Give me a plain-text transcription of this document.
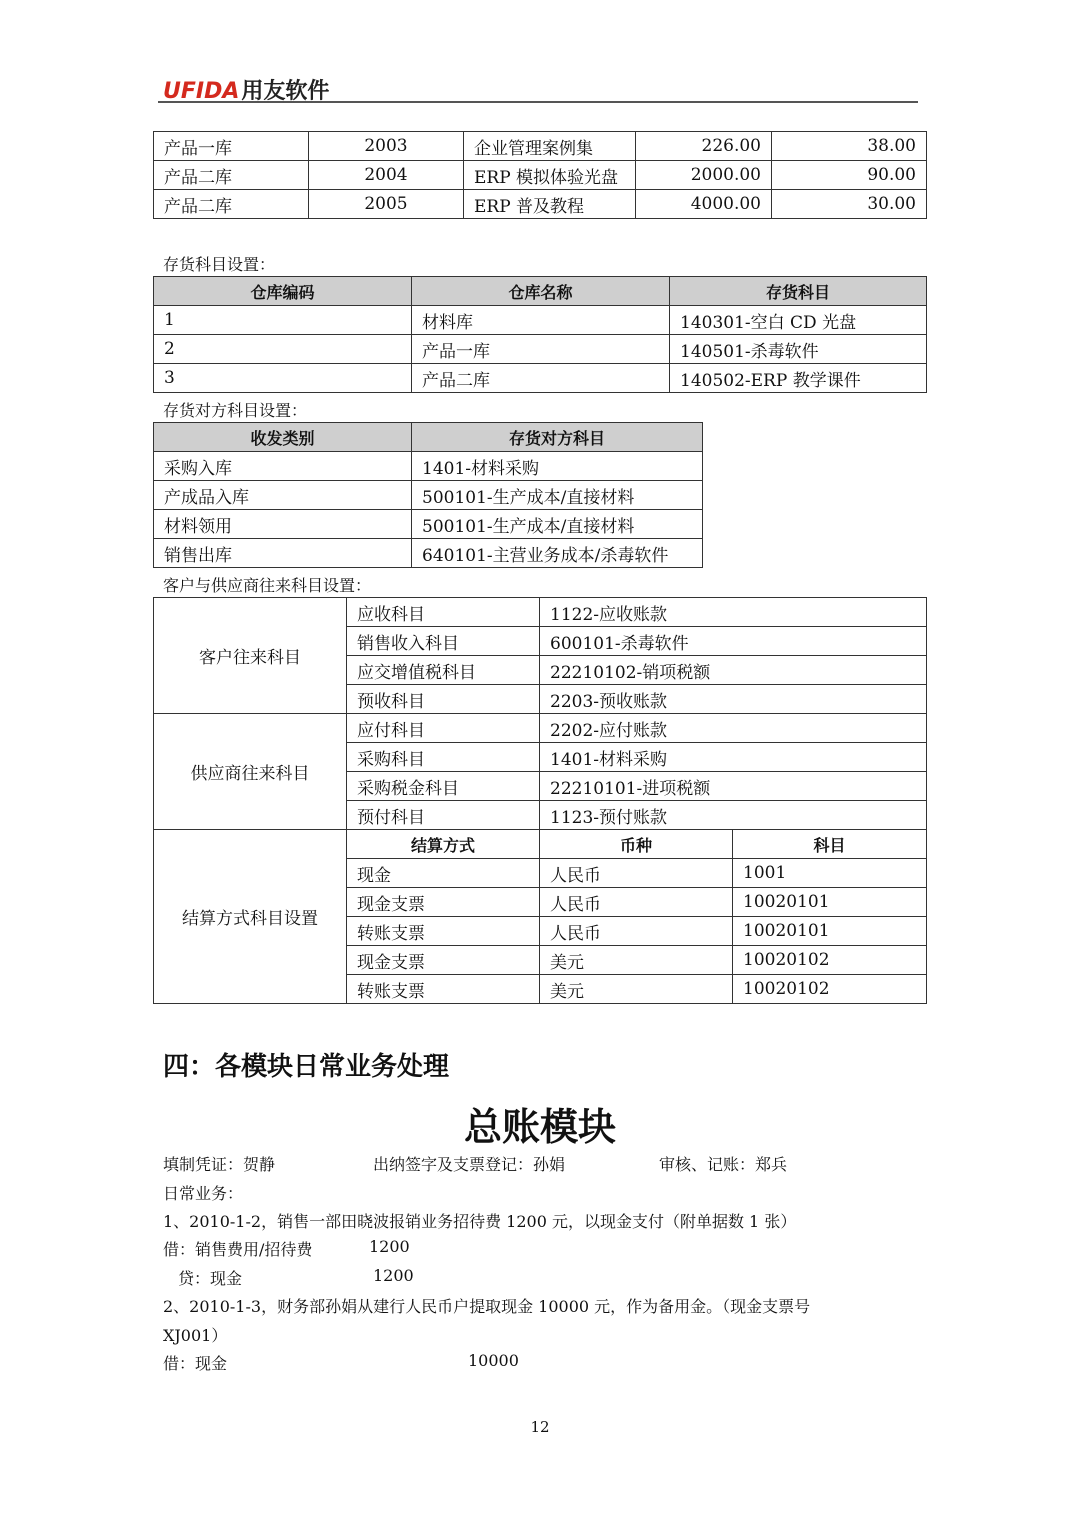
UFIDA用友软件
产品一库	2003	企业管理案例集	226.00	38.00
产品二库	2004	ERP 模拟体验光盘	2000.00	90.00
产品二库	2005	ERP 普及教程	4000.00	30.00
存货科目设置：
仓库编码	仓库名称	存货科目
1	材料库	140301-空白 CD 光盘
2	产品一库	140501-杀毒软件
3	产品二库	140502-ERP 教学课件
存货对方科目设置：
收发类别	存货对方科目
采购入库	1401-材料采购
产成品入库	500101-生产成本/直接材料
材料领用	500101-生产成本/直接材料
销售出库	640101-主营业务成本/杀毒软件
客户与供应商往来科目设置：
客户往来科目	应收科目	1122-应收账款	
	销售收入科目	600101-杀毒软件	
	应交增值税科目	22210102-销项税额	
	预收科目	2203-预收账款	
供应商往来科目	应付科目	2202-应付账款	
	采购科目	1401-材料采购	
	采购税金科目	22210101-进项税额	
	预付科目	1123-预付账款	
结算方式科目设置	结算方式	币种	科目
	现金	人民币	1001
	现金支票	人民币	10020101
	转账支票	人民币	10020101
	现金支票	美元	10020102
	转账支票	美元	10020102
四：各模块日常业务处理
总账模块
填制凭证：贺静	出纳签字及支票登记：孙娟	审核、记账：郑兵
日常业务：
1、2010-1-2，销售一部田晓波报销业务招待费 1200 元，以现金支付（附单据数 1 张）
借：销售费用/招待费	1200
贷：现金	1200
2、2010-1-3，财务部孙娟从建行人民币户提取现金 10000 元，作为备用金。（现金支票号
XJ001）
借：现金	10000
12
